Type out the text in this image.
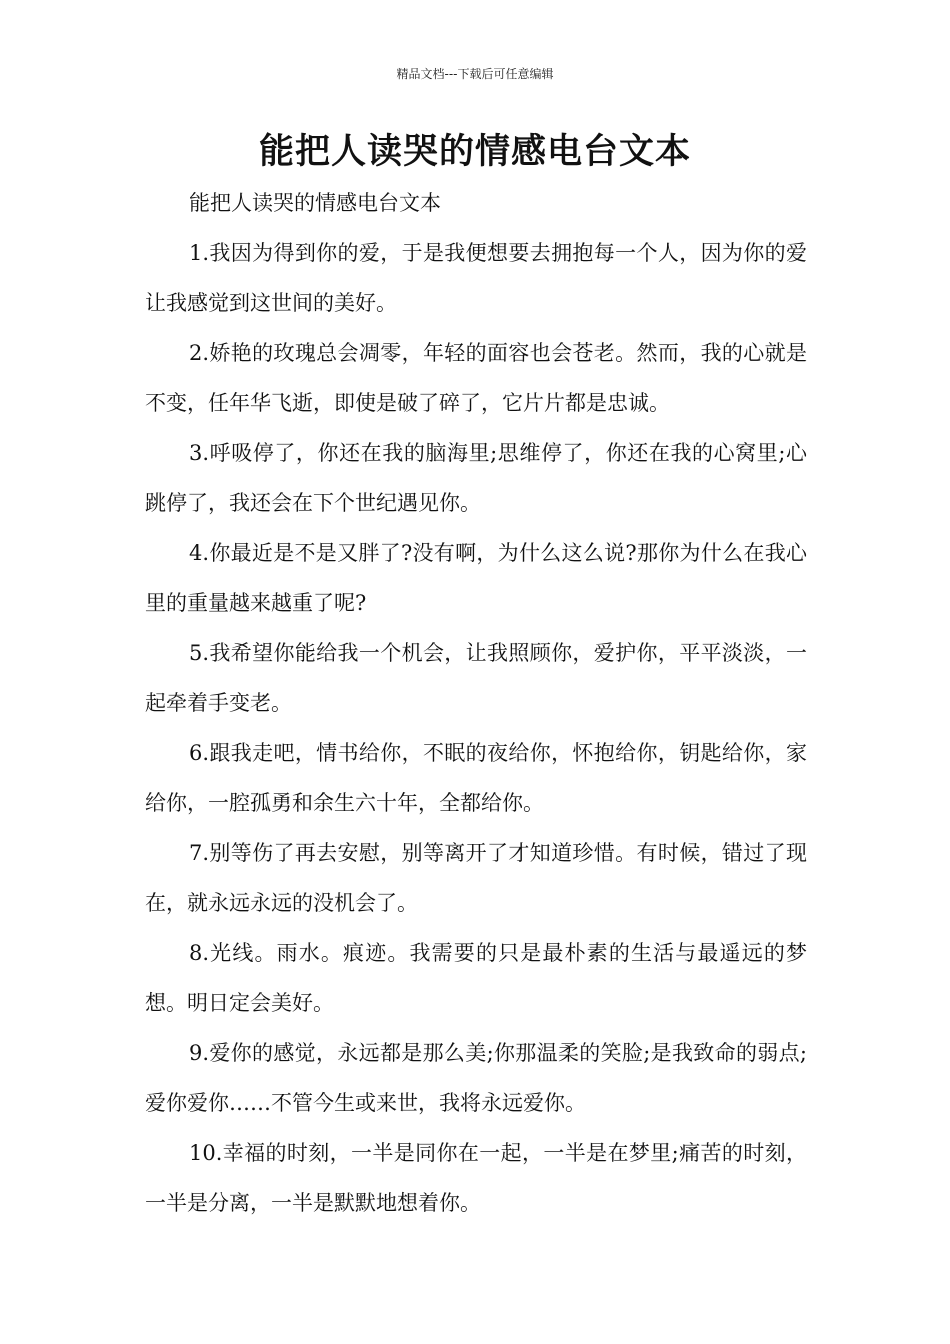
精品文档---下载后可任意编辑
能把人读哭的情感电台文本

能把人读哭的情感电台文本

1.我因为得到你的爱，于是我便想要去拥抱每一个人，因为你的爱让我感觉到这世间的美好。

2.娇艳的玫瑰总会凋零，年轻的面容也会苍老。然而，我的心就是不变，任年华飞逝，即使是破了碎了，它片片都是忠诚。

3.呼吸停了，你还在我的脑海里;思维停了，你还在我的心窝里;心跳停了，我还会在下个世纪遇见你。

4.你最近是不是又胖了?没有啊，为什么这么说?那你为什么在我心里的重量越来越重了呢?

5.我希望你能给我一个机会，让我照顾你，爱护你，平平淡淡，一起牵着手变老。

6.跟我走吧，情书给你，不眠的夜给你，怀抱给你，钥匙给你，家给你，一腔孤勇和余生六十年，全都给你。

7.别等伤了再去安慰，别等离开了才知道珍惜。有时候，错过了现在，就永远永远的没机会了。

8.光线。雨水。痕迹。我需要的只是最朴素的生活与最遥远的梦想。明日定会美好。

9.爱你的感觉，永远都是那么美;你那温柔的笑脸;是我致命的弱点;爱你爱你……不管今生或来世，我将永远爱你。

10.幸福的时刻，一半是同你在一起，一半是在梦里;痛苦的时刻，一半是分离，一半是默默地想着你。
